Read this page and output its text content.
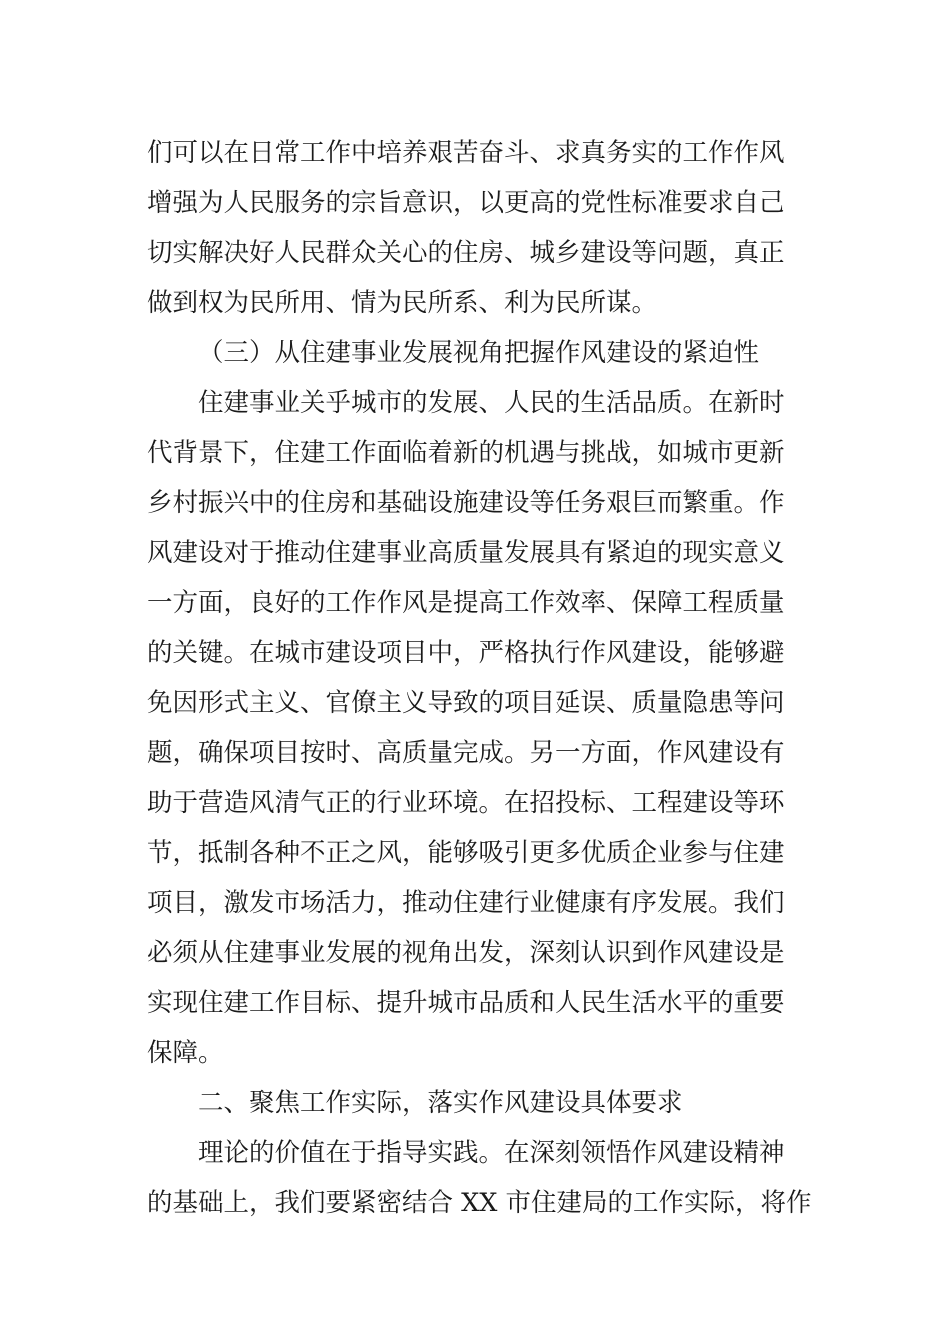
们可以在日常工作中培养艰苦奋斗、求真务实的工作作风
增强为人民服务的宗旨意识，以更高的党性标准要求自己
切实解决好人民群众关心的住房、城乡建设等问题，真正
做到权为民所用、情为民所系、利为民所谋。
（三）从住建事业发展视角把握作风建设的紧迫性
住建事业关乎城市的发展、人民的生活品质。在新时
代背景下，住建工作面临着新的机遇与挑战，如城市更新
乡村振兴中的住房和基础设施建设等任务艰巨而繁重。作
风建设对于推动住建事业高质量发展具有紧迫的现实意义
一方面，良好的工作作风是提高工作效率、保障工程质量
的关键。在城市建设项目中，严格执行作风建设，能够避
免因形式主义、官僚主义导致的项目延误、质量隐患等问
题，确保项目按时、高质量完成。另一方面，作风建设有
助于营造风清气正的行业环境。在招投标、工程建设等环
节，抵制各种不正之风，能够吸引更多优质企业参与住建
项目，激发市场活力，推动住建行业健康有序发展。我们
必须从住建事业发展的视角出发，深刻认识到作风建设是
实现住建工作目标、提升城市品质和人民生活水平的重要
保障。
二、聚焦工作实际，落实作风建设具体要求
理论的价值在于指导实践。在深刻领悟作风建设精神
的基础上，我们要紧密结合 XX 市住建局的工作实际，将作
